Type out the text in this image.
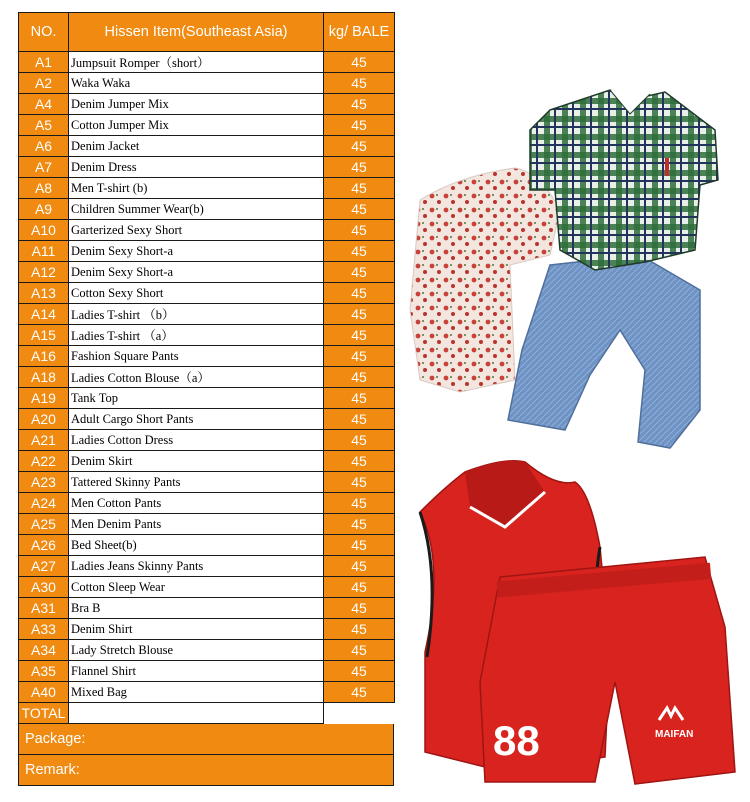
NO.	Hissen Item(Southeast Asia)	kg/ BALE
A1	Jumpsuit Romper（short）	45
A2	Waka Waka	45
A4	Denim Jumper Mix	45
A5	Cotton Jumper Mix	45
A6	Denim Jacket	45
A7	Denim Dress	45
A8	Men T-shirt (b)	45
A9	Children Summer Wear(b)	45
A10	Garterized Sexy Short	45
A11	Denim Sexy Short-a	45
A12	Denim Sexy Short-a	45
A13	Cotton Sexy Short	45
A14	Ladies T-shirt （b）	45
A15	Ladies T-shirt （a）	45
A16	Fashion Square Pants	45
A18	Ladies Cotton Blouse（a）	45
A19	Tank Top	45
A20	Adult Cargo Short Pants	45
A21	Ladies Cotton Dress	45
A22	Denim Skirt	45
A23	Tattered Skinny Pants	45
A24	Men Cotton Pants	45
A25	Men Denim Pants	45
A26	Bed Sheet(b)	45
A27	Ladies Jeans Skinny Pants	45
A30	Cotton Sleep Wear	45
A31	Bra B	45
A33	Denim Shirt	45
A34	Lady Stretch Blouse	45
A35	Flannel Shirt	45
A40	Mixed Bag	45
TOTAL		
Package:
Remark:
88	MAIFAN
